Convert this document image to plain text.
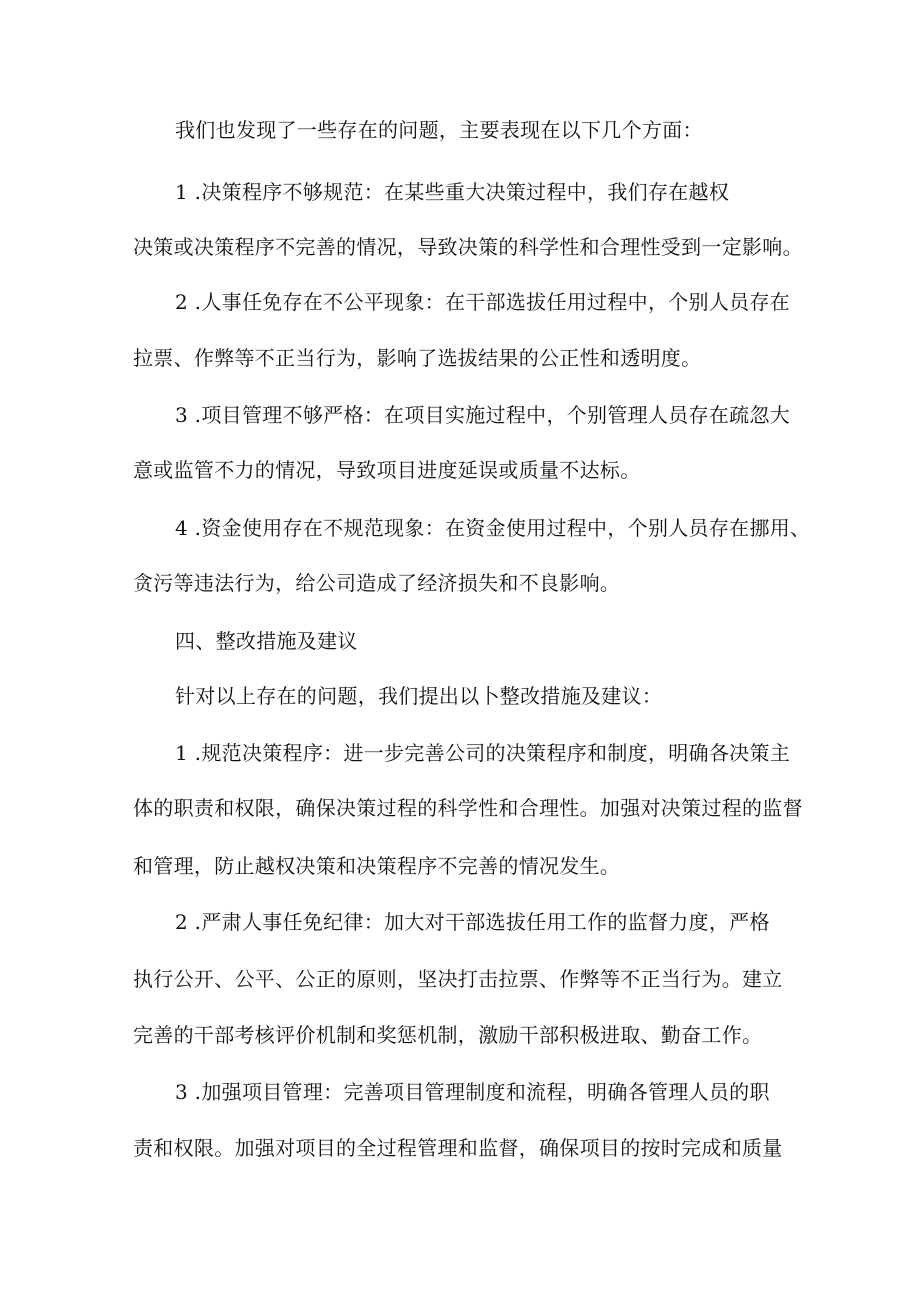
我们也发现了一些存在的问题，主要表现在以下几个方面：
1 .决策程序不够规范：在某些重大决策过程中，我们存在越权
决策或决策程序不完善的情况，导致决策的科学性和合理性受到一定影响。
2 .人事任免存在不公平现象：在干部选拔任用过程中，个别人员存在
拉票、作弊等不正当行为，影响了选拔结果的公正性和透明度。
3 .项目管理不够严格：在项目实施过程中，个别管理人员存在疏忽大
意或监管不力的情况，导致项目进度延误或质量不达标。
4 .资金使用存在不规范现象：在资金使用过程中，个别人员存在挪用、
贪污等违法行为，给公司造成了经济损失和不良影响。
四、整改措施及建议
针对以上存在的问题，我们提出以卜整改措施及建议：
1 .规范决策程序：进一步完善公司的决策程序和制度，明确各决策主
体的职责和权限，确保决策过程的科学性和合理性。加强对决策过程的监督
和管理，防止越权决策和决策程序不完善的情况发生。
2 .严肃人事任免纪律：加大对干部选拔任用工作的监督力度，严格
执行公开、公平、公正的原则，坚决打击拉票、作弊等不正当行为。建立
完善的干部考核评价机制和奖惩机制，激励干部积极进取、勤奋工作。
3 .加强项目管理：完善项目管理制度和流程，明确各管理人员的职
责和权限。加强对项目的全过程管理和监督，确保项目的按时完成和质量
